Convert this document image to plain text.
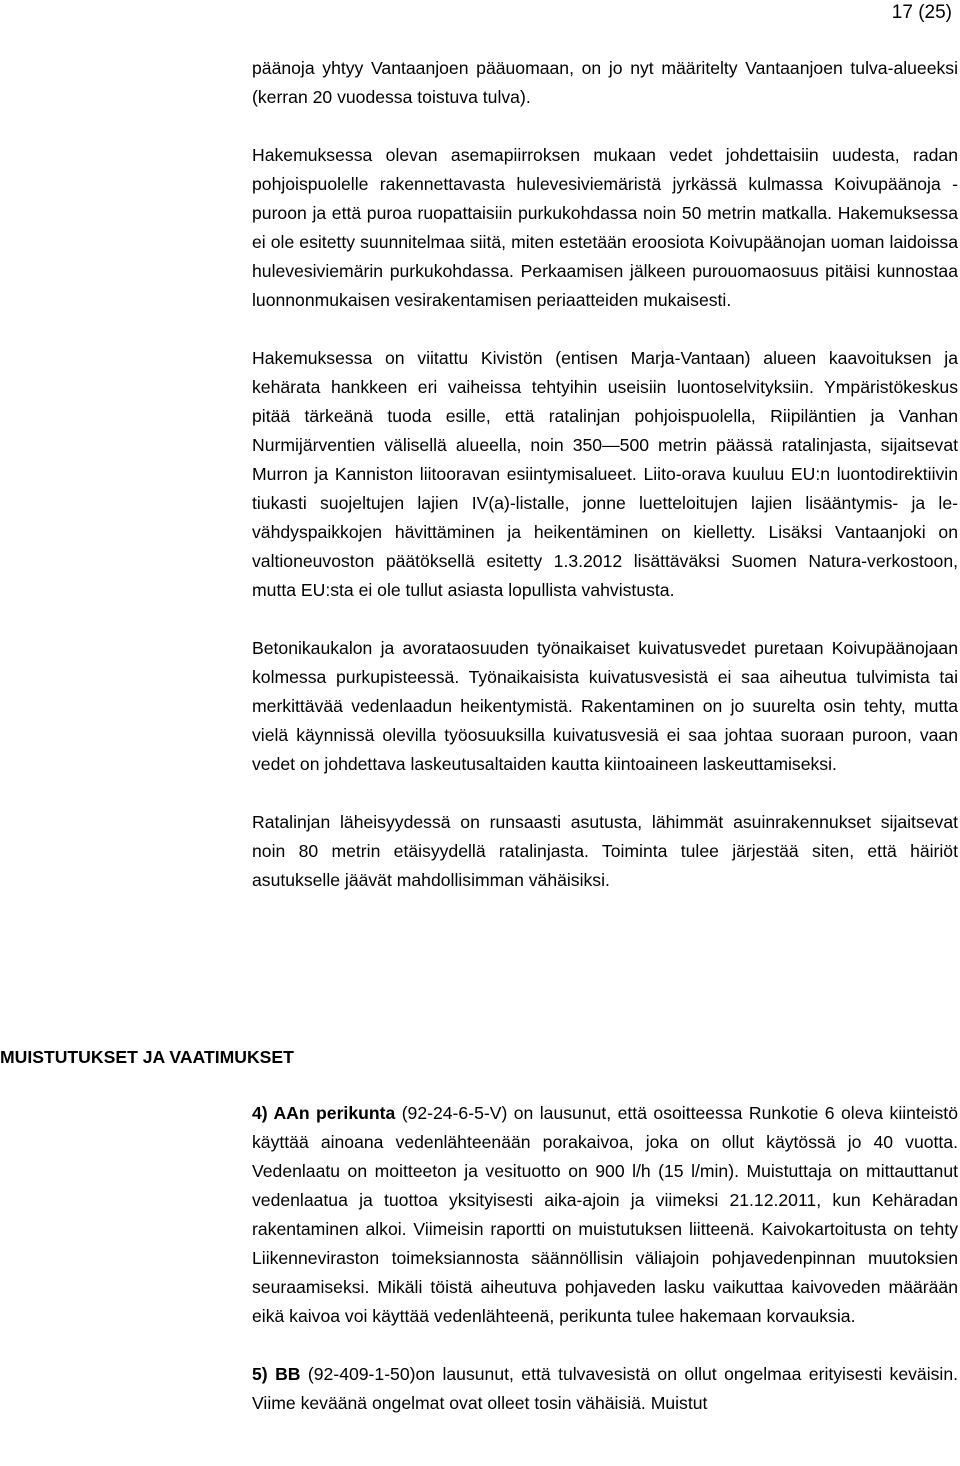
17 (25)

päänoja yhtyy Vantaanjoen pääuomaan, on jo nyt määritelty Vantaanjoen tulva-alueeksi (kerran 20 vuodessa toistuva tulva).

Hakemuksessa olevan asemapiirroksen mukaan vedet johdettaisiin uudesta, radan pohjoispuolelle rakennettavasta hulevesiviemäristä jyrkässä kulmassa Koivupäänoja -puroon ja että puroa ruopattaisiin purkukohdassa noin 50 metrin matkalla. Hakemuksessa ei ole esitetty suunnitelmaa siitä, miten estetään eroosiota Koivupäänojan uoman laidoissa hulevesiviemärin purkukohdassa. Perkaamisen jälkeen purouomaosuus pitäisi kunnostaa luonnonmukaisen vesirakentamisen periaatteiden mukaisesti.

Hakemuksessa on viitattu Kivistön (entisen Marja-Vantaan) alueen kaavoituksen ja kehärata hankkeen eri vaiheissa tehtyihin useisiin luontoselvityksiin. Ympäristökeskus pitää tärkeänä tuoda esille, että ratalinjan pohjoispuolella, Riipiläntien ja Vanhan Nurmijärventien välisellä alueella, noin 350—500 metrin päässä ratalinjasta, sijaitsevat Murron ja Kanniston liitooravan esiintymisalueet. Liito-orava kuuluu EU:n luontodirektiivin tiukasti suojeltujen lajien IV(a)-listalle, jonne luetteloitujen lajien lisääntymis- ja levähdyspaikkojen hävittäminen ja heikentäminen on kielletty. Lisäksi Vantaanjoki on valtioneuvoston päätöksellä esitetty 1.3.2012 lisättäväksi Suomen Natura-verkostoon, mutta EU:sta ei ole tullut asiasta lopullista vahvistusta.

Betonikaukalon ja avorataosuuden työnaikaiset kuivatusvedet puretaan Koivupäänojaan kolmessa purkupisteessä. Työnaikaisista kuivatusvesistä ei saa aiheutua tulvimista tai merkittävää vedenlaadun heikentymistä. Rakentaminen on jo suurelta osin tehty, mutta vielä käynnissä olevilla työosuuksilla kuivatusvesiä ei saa johtaa suoraan puroon, vaan vedet on johdettava laskeutusaltaiden kautta kiintoaineen laskeuttamiseksi.

Ratalinjan läheisyydessä on runsaasti asutusta, lähimmät asuinrakennukset sijaitsevat noin 80 metrin etäisyydellä ratalinjasta. Toiminta tulee järjestää siten, että häiriöt asutukselle jäävät mahdollisimman vähäisiksi.

MUISTUTUKSET JA VAATIMUKSET

4) AAn perikunta (92-24-6-5-V) on lausunut, että osoitteessa Runkotie 6 oleva kiinteistö käyttää ainoana vedenlähteenään porakaivoa, joka on ollut käytössä jo 40 vuotta. Vedenlaatu on moitteeton ja vesituotto on 900 l/h (15 l/min). Muistuttaja on mittauttanut vedenlaatua ja tuottoa yksityisesti aika-ajoin ja viimeksi 21.12.2011, kun Kehäradan rakentaminen alkoi. Viimeisin raportti on muistutuksen liitteenä. Kaivokartoitusta on tehty Liikenneviraston toimeksiannosta säännöllisin väliajoin pohjavedenpinnan muutoksien seuraamiseksi. Mikäli töistä aiheutuva pohjaveden lasku vaikuttaa kaivoveden määrään eikä kaivoa voi käyttää vedenlähteenä, perikunta tulee hakemaan korvauksia.

5) BB (92-409-1-50)on lausunut, että tulvavesistä on ollut ongelmaa erityisesti keväisin. Viime keväänä ongelmat ovat olleet tosin vähäisiä. Muistut
